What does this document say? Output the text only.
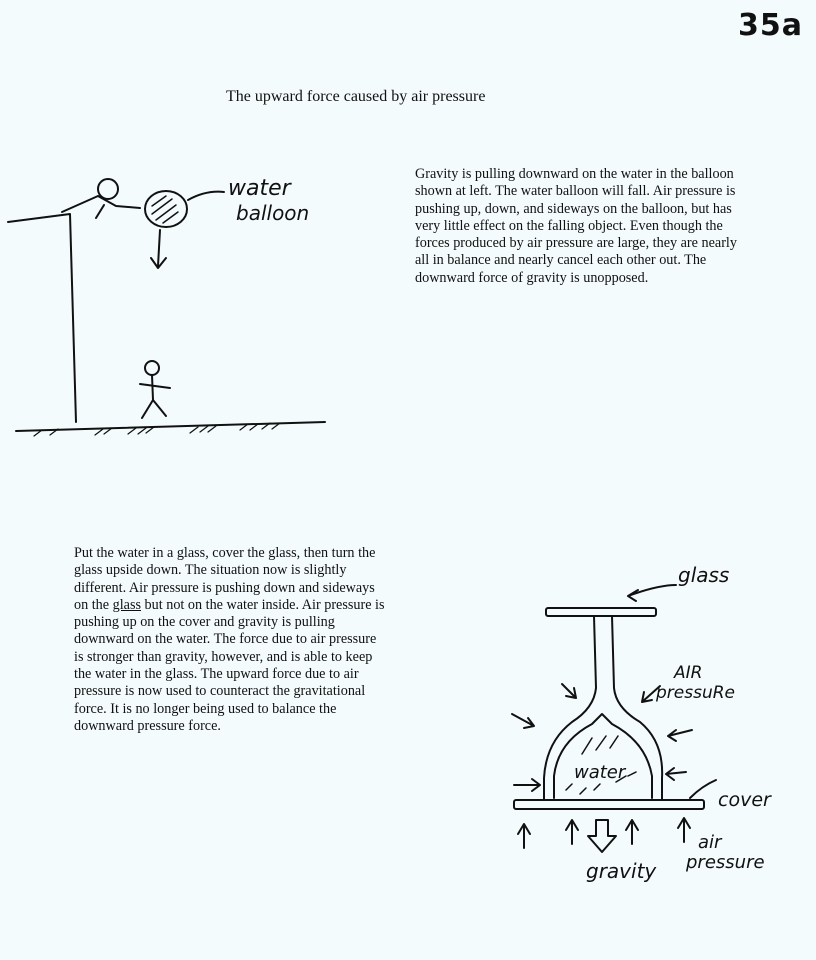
35a
The upward force caused by air pressure
Gravity is pulling downward on the water in the balloon shown at left. The water balloon will fall. Air pressure is pushing up, down, and sideways on the balloon, but has very little effect on the falling object. Even though the forces produced by air pressure are large, they are nearly all in balance and nearly cancel each other out. The downward force of gravity is unopposed.
Put the water in a glass, cover the glass, then turn the glass upside down. The situation now is slightly different. Air pressure is pushing down and sideways on the glass but not on the water inside. Air pressure is pushing up on the cover and gravity is pulling downward on the water. The force due to air pressure is stronger than gravity, however, and is able to keep the water in the glass. The upward force due to air pressure is now used to counteract the gravitational force. It is no longer being used to balance the downward pressure force.
water
balloon
glass
AIR
pressuRe
water
cover
gravity
air
pressure
